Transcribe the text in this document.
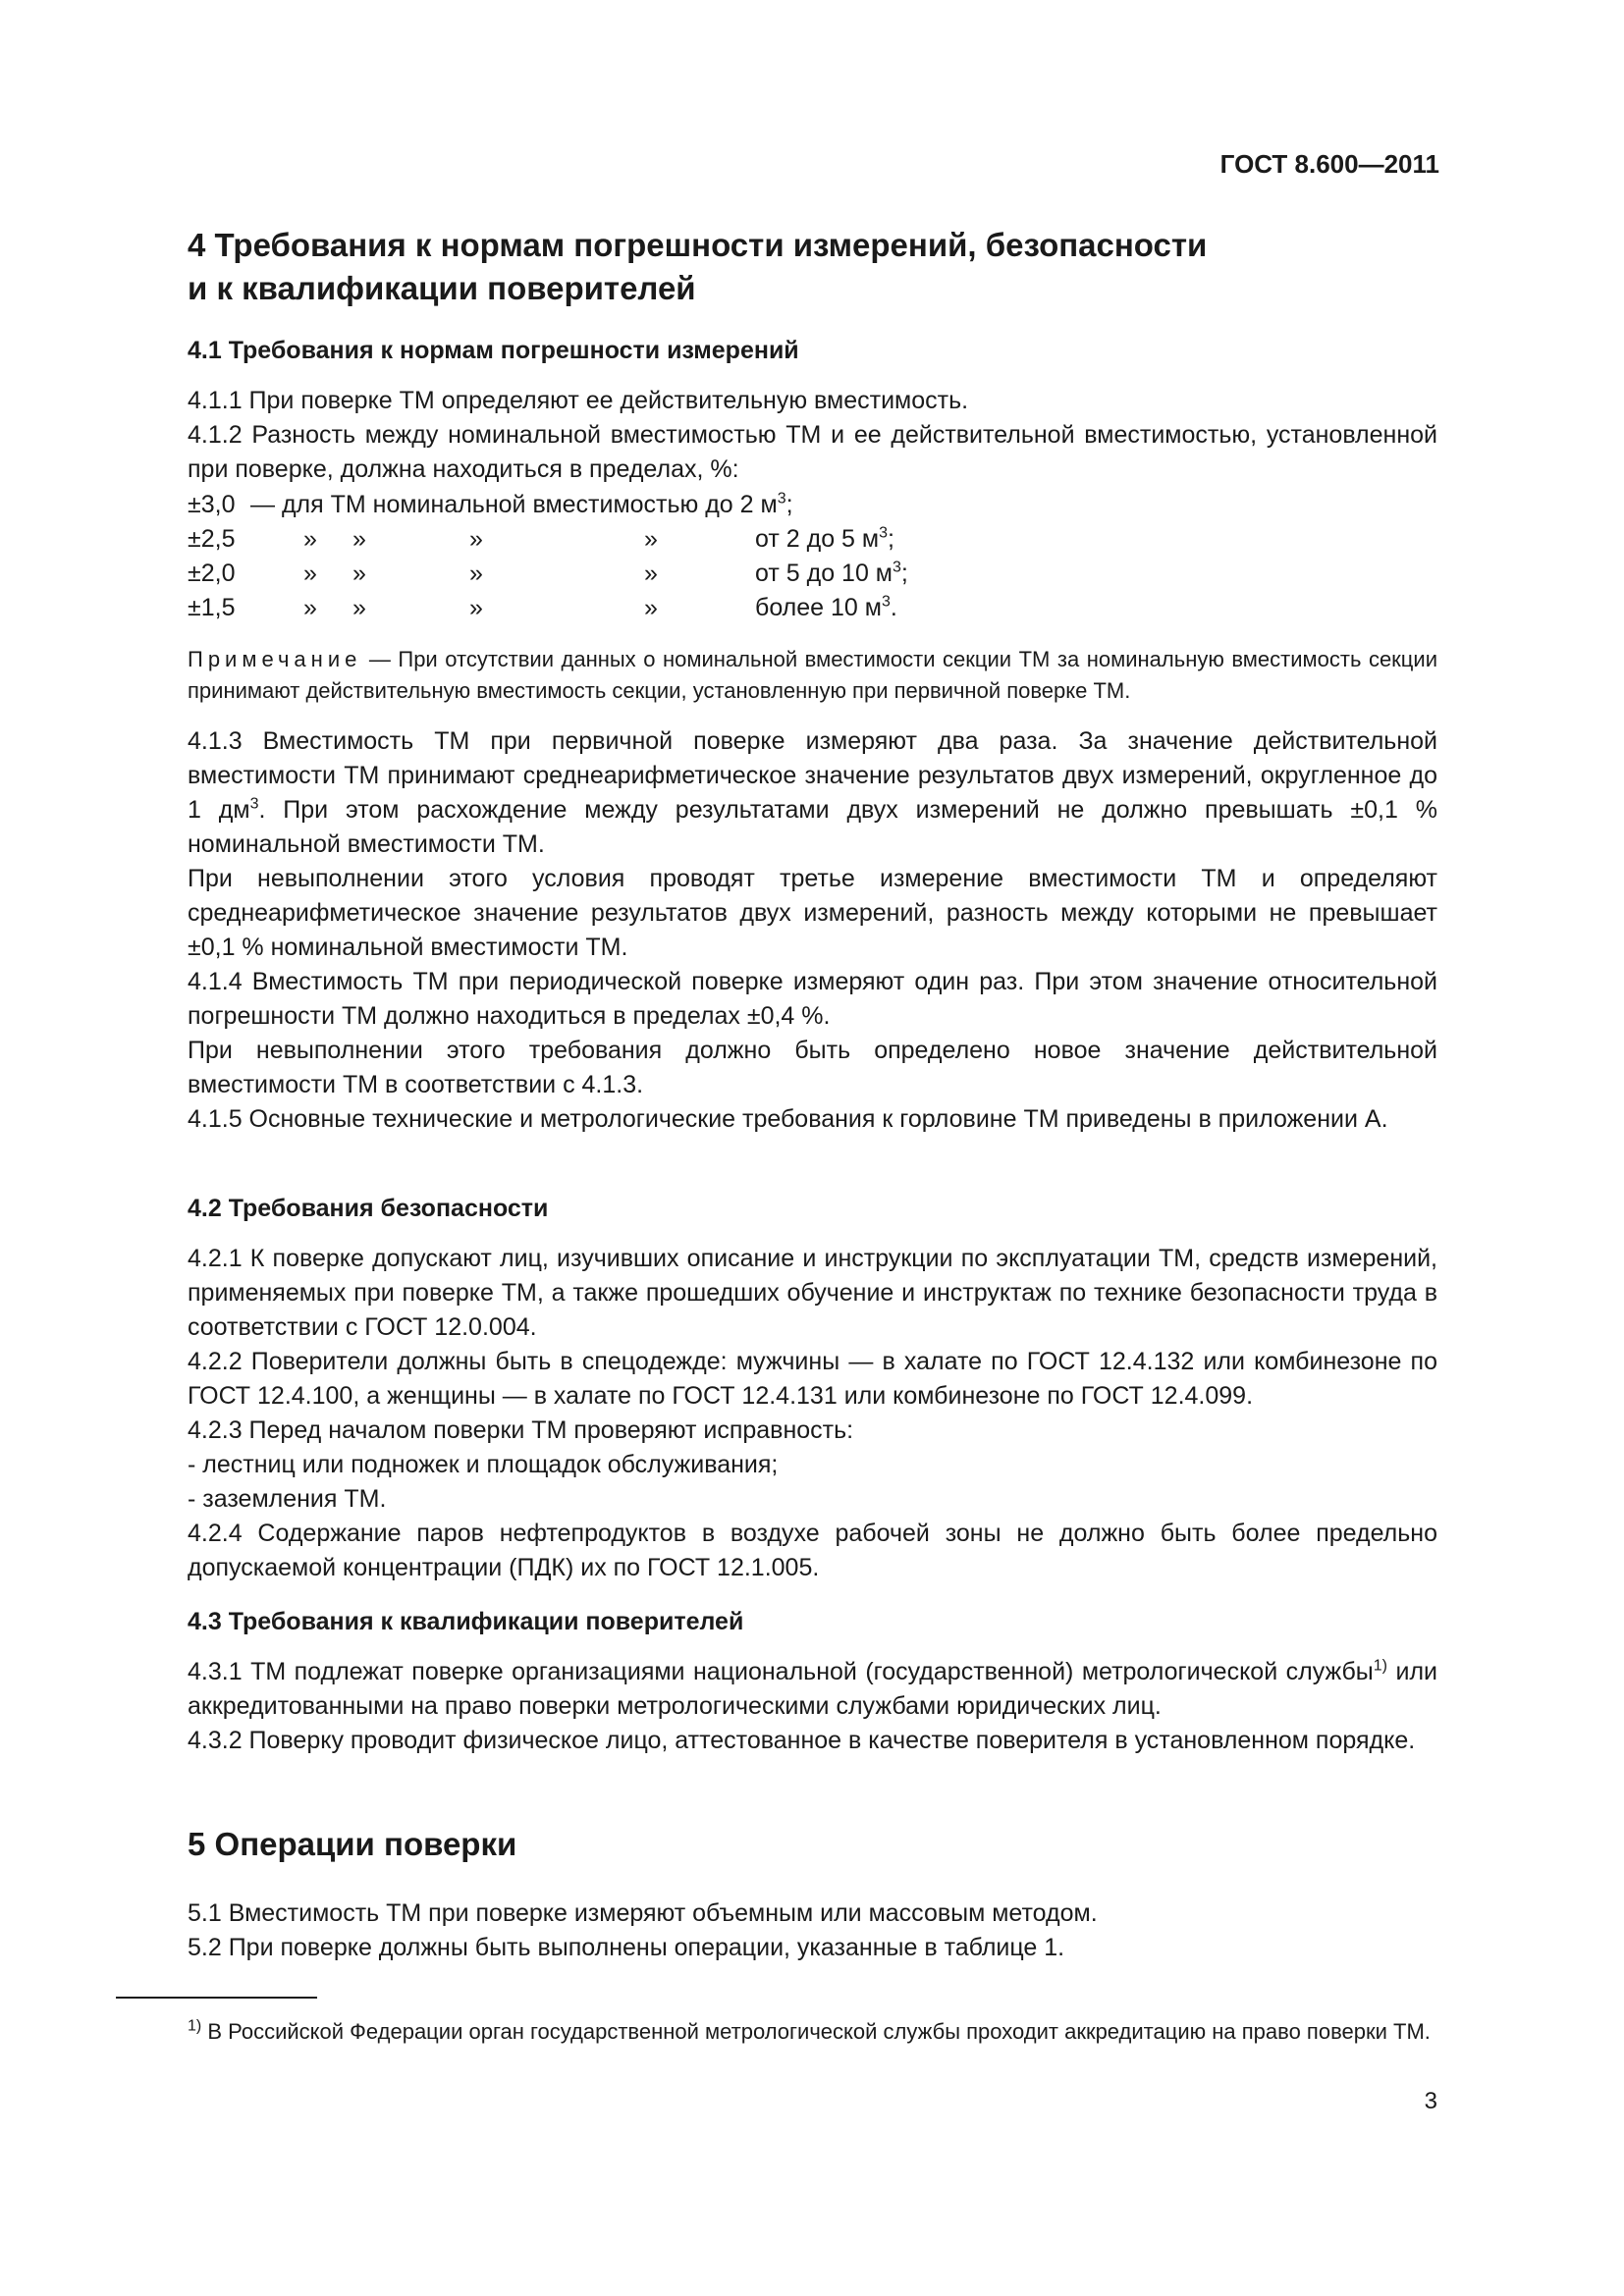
ГОСТ 8.600—2011
4 Требования к нормам погрешности измерений, безопасности
и к квалификации поверителей
4.1 Требования к нормам погрешности измерений

4.1.1 При поверке ТМ определяют ее действительную вместимость.

4.1.2 Разность между номинальной вместимостью ТМ и ее действительной вместимостью, установленной при поверке, должна находиться в пределах, %:

±3,0 — для ТМ номинальной вместимостью до 2 $м^3$;
±2,5	» »	»	»	от 2 до 5 $м^3$;
±2,0	» »	»	»	от 5 до 10 $м^3$;
±1,5	» »	»	»	более 10 $м^3$.
Примечание — При отсутствии данных о номинальной вместимости секции ТМ за номинальную вместимость секции принимают действительную вместимость секции, установленную при первичной поверке ТМ.

4.1.3 Вместимость ТМ при первичной поверке измеряют два раза. За значение действительной вместимости ТМ принимают среднеарифметическое значение результатов двух измерений, округленное до 1 $дм^3$. При этом расхождение между результатами двух измерений не должно превышать ±0,1 % номинальной вместимости ТМ.

При невыполнении этого условия проводят третье измерение вместимости ТМ и определяют среднеарифметическое значение результатов двух измерений, разность между которыми не превышает ±0,1 % номинальной вместимости ТМ.

4.1.4 Вместимость ТМ при периодической поверке измеряют один раз. При этом значение относительной погрешности ТМ должно находиться в пределах ±0,4 %.

При невыполнении этого требования должно быть определено новое значение действительной вместимости ТМ в соответствии с 4.1.3.

4.1.5 Основные технические и метрологические требования к горловине ТМ приведены в приложении А.

4.2 Требования безопасности

4.2.1 К поверке допускают лиц, изучивших описание и инструкции по эксплуатации ТМ, средств измерений, применяемых при поверке ТМ, а также прошедших обучение и инструктаж по технике безопасности труда в соответствии с ГОСТ 12.0.004.

4.2.2 Поверители должны быть в спецодежде: мужчины — в халате по ГОСТ 12.4.132 или комбинезоне по ГОСТ 12.4.100, а женщины — в халате по ГОСТ 12.4.131 или комбинезоне по ГОСТ 12.4.099.

4.2.3 Перед началом поверки ТМ проверяют исправность:

- лестниц или подножек и площадок обслуживания;

- заземления ТМ.

4.2.4 Содержание паров нефтепродуктов в воздухе рабочей зоны не должно быть более предельно допускаемой концентрации (ПДК) их по ГОСТ 12.1.005.

4.3 Требования к квалификации поверителей

4.3.1 ТМ подлежат поверке организациями национальной (государственной) метрологической службы$^{1)}$ или аккредитованными на право поверки метрологическими службами юридических лиц.

4.3.2 Поверку проводит физическое лицо, аттестованное в качестве поверителя в установленном порядке.

5 Операции поверки

5.1 Вместимость ТМ при поверке измеряют объемным или массовым методом.

5.2 При поверке должны быть выполнены операции, указанные в таблице 1.

$^{1)}$ В Российской Федерации орган государственной метрологической службы проходит аккредитацию на право поверки ТМ.
3
